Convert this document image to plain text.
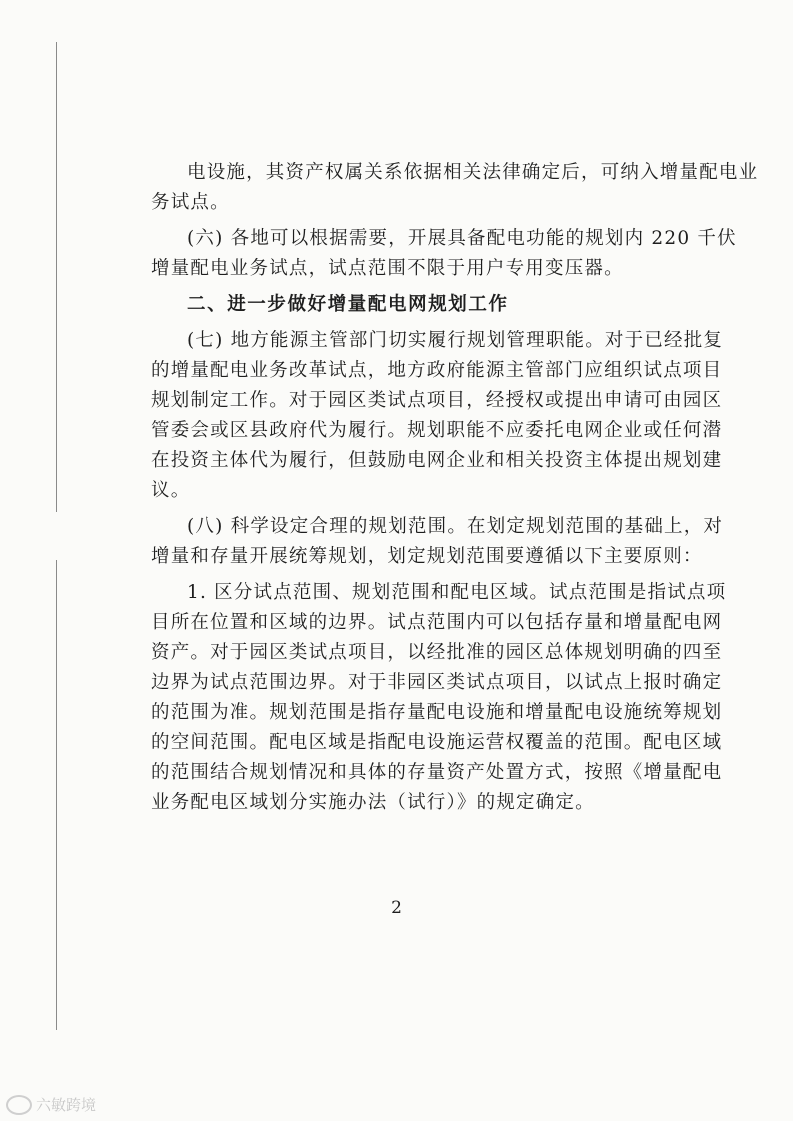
电设施，其资产权属关系依据相关法律确定后，可纳入增量配电业
务试点。
(六) 各地可以根据需要，开展具备配电功能的规划内 220 千伏
增量配电业务试点，试点范围不限于用户专用变压器。
二、进一步做好增量配电网规划工作
(七) 地方能源主管部门切实履行规划管理职能。对于已经批复
的增量配电业务改革试点，地方政府能源主管部门应组织试点项目
规划制定工作。对于园区类试点项目，经授权或提出申请可由园区
管委会或区县政府代为履行。规划职能不应委托电网企业或任何潜
在投资主体代为履行，但鼓励电网企业和相关投资主体提出规划建
议。
(八) 科学设定合理的规划范围。在划定规划范围的基础上，对
增量和存量开展统筹规划，划定规划范围要遵循以下主要原则：
1. 区分试点范围、规划范围和配电区域。试点范围是指试点项
目所在位置和区域的边界。试点范围内可以包括存量和增量配电网
资产。对于园区类试点项目，以经批准的园区总体规划明确的四至
边界为试点范围边界。对于非园区类试点项目，以试点上报时确定
的范围为准。规划范围是指存量配电设施和增量配电设施统筹规划
的空间范围。配电区域是指配电设施运营权覆盖的范围。配电区域
的范围结合规划情况和具体的存量资产处置方式，按照《增量配电
业务配电区域划分实施办法（试行）》的规定确定。
2
六敏跨境
